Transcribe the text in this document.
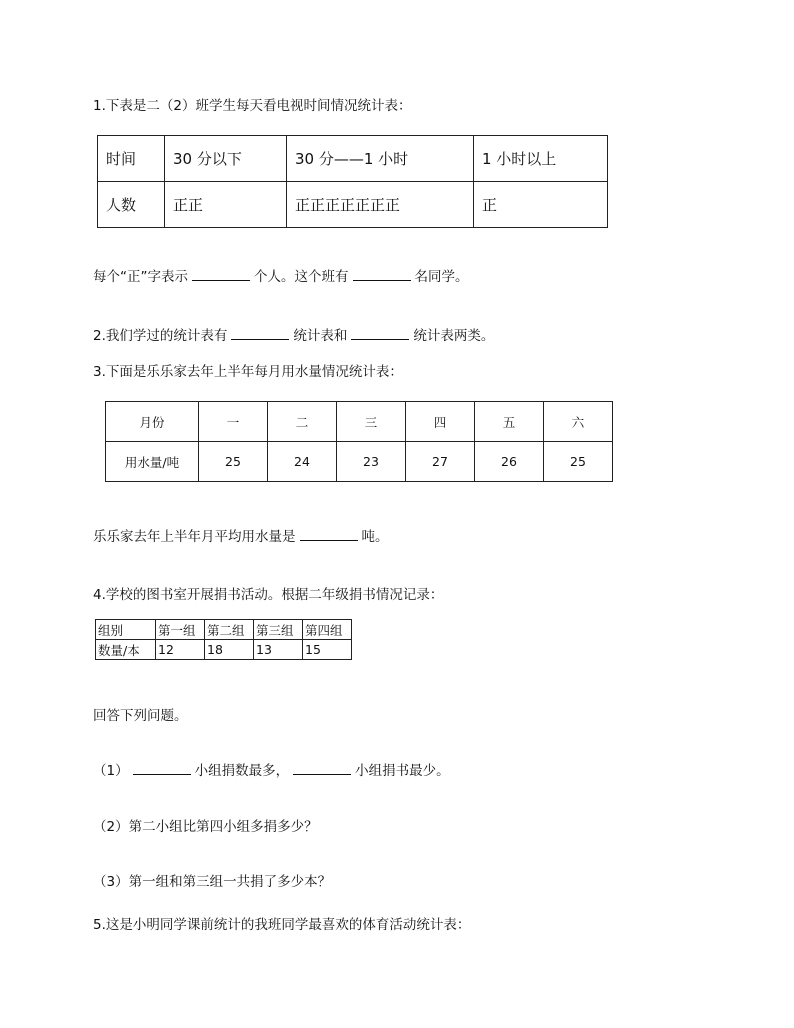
1.下表是二（2）班学生每天看电视时间情况统计表：
时间	30 分以下	30 分——1 小时	1 小时以上
人数	正正	正正正正正正正	正
每个“正”字表示	个人。这个班有	名同学。
2.我们学过的统计表有	统计表和	统计表两类。
3.下面是乐乐家去年上半年每月用水量情况统计表：
月份	一	二	三	四	五	六
用水量/吨	25	24	23	27	26	25
乐乐家去年上半年月平均用水量是	吨。
4.学校的图书室开展捐书活动。根据二年级捐书情况记录：
组别	第一组	第二组	第三组	第四组
数量/本	12	18	13	15
回答下列问题。
（1）	小组捐数最多，	小组捐书最少。
（2）第二小组比第四小组多捐多少？
（3）第一组和第三组一共捐了多少本？
5.这是小明同学课前统计的我班同学最喜欢的体育活动统计表：
